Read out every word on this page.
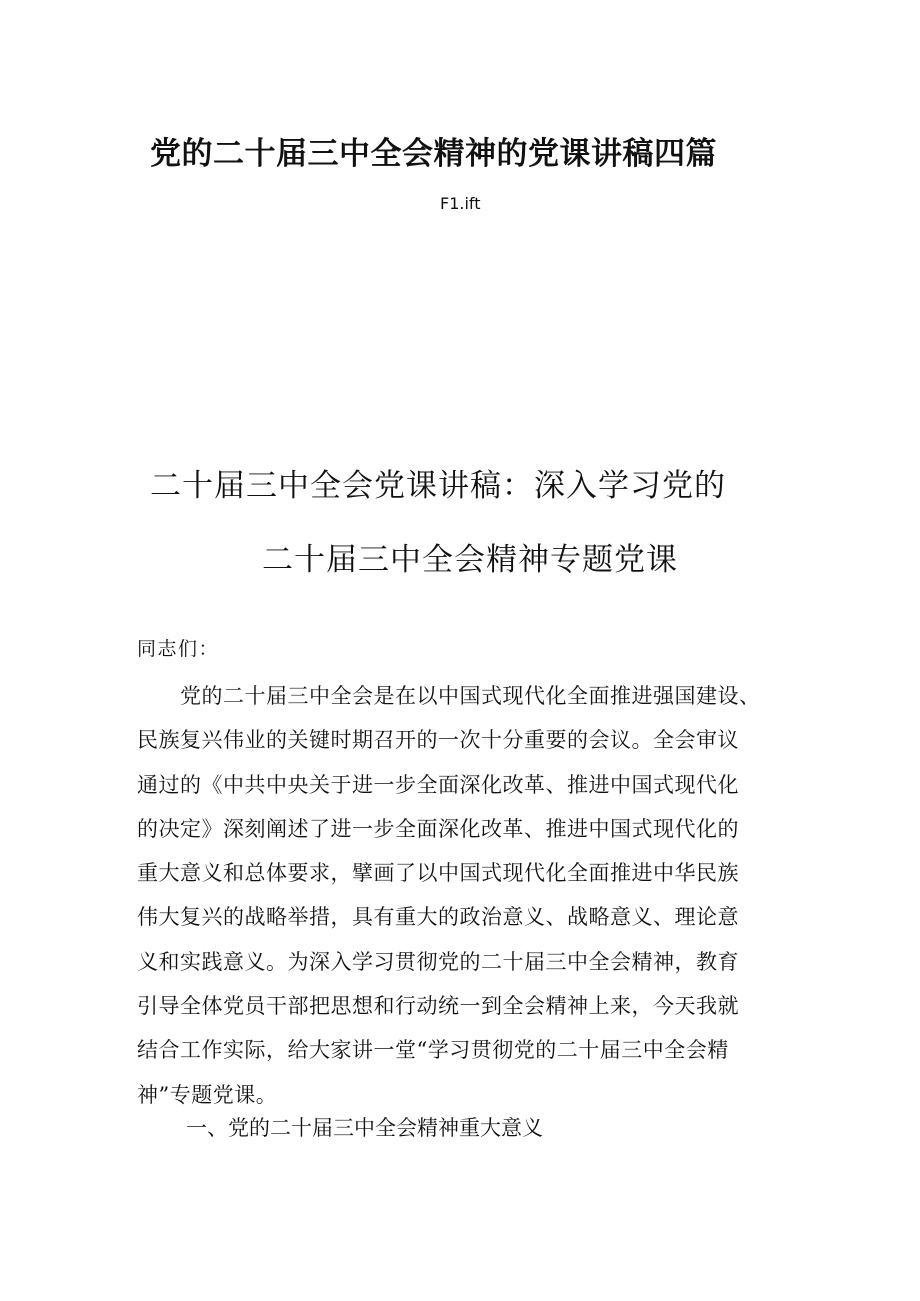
党的二十届三中全会精神的党课讲稿四篇
F1.ift
二十届三中全会党课讲稿：深入学习党的
二十届三中全会精神专题党课
同志们：
　　党的二十届三中全会是在以中国式现代化全面推进强国建设、
民族复兴伟业的关键时期召开的一次十分重要的会议。全会审议
通过的《中共中央关于进一步全面深化改革、推进中国式现代化
的决定》深刻阐述了进一步全面深化改革、推进中国式现代化的
重大意义和总体要求，擘画了以中国式现代化全面推进中华民族
伟大复兴的战略举措，具有重大的政治意义、战略意义、理论意
义和实践意义。为深入学习贯彻党的二十届三中全会精神，教育
引导全体党员干部把思想和行动统一到全会精神上来，今天我就
结合工作实际，给大家讲一堂“学习贯彻党的二十届三中全会精
神”专题党课。
一、党的二十届三中全会精神重大意义
